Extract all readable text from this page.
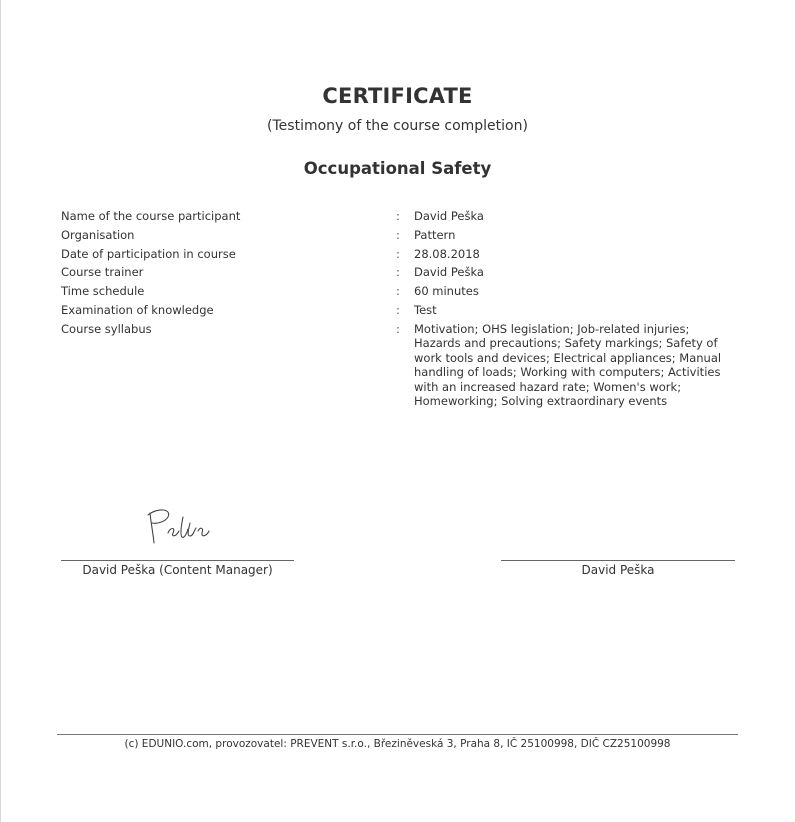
CERTIFICATE
(Testimony of the course completion)
Occupational Safety
Name of the course participant	:	David Peška
Organisation	:	Pattern
Date of participation in course	:	28.08.2018
Course trainer	:	David Peška
Time schedule	:	60 minutes
Examination of knowledge	:	Test
Course syllabus	:	Motivation; OHS legislation; Job-related injuries; Hazards and precautions; Safety markings; Safety of work tools and devices; Electrical appliances; Manual handling of loads; Working with computers; Activities with an increased hazard rate; Women's work; Homeworking; Solving extraordinary events
David Peška (Content Manager)	David Peška
(c) EDUNIO.com, provozovatel: PREVENT s.r.o., Březiněveská 3, Praha 8, IČ 25100998, DIČ CZ25100998
